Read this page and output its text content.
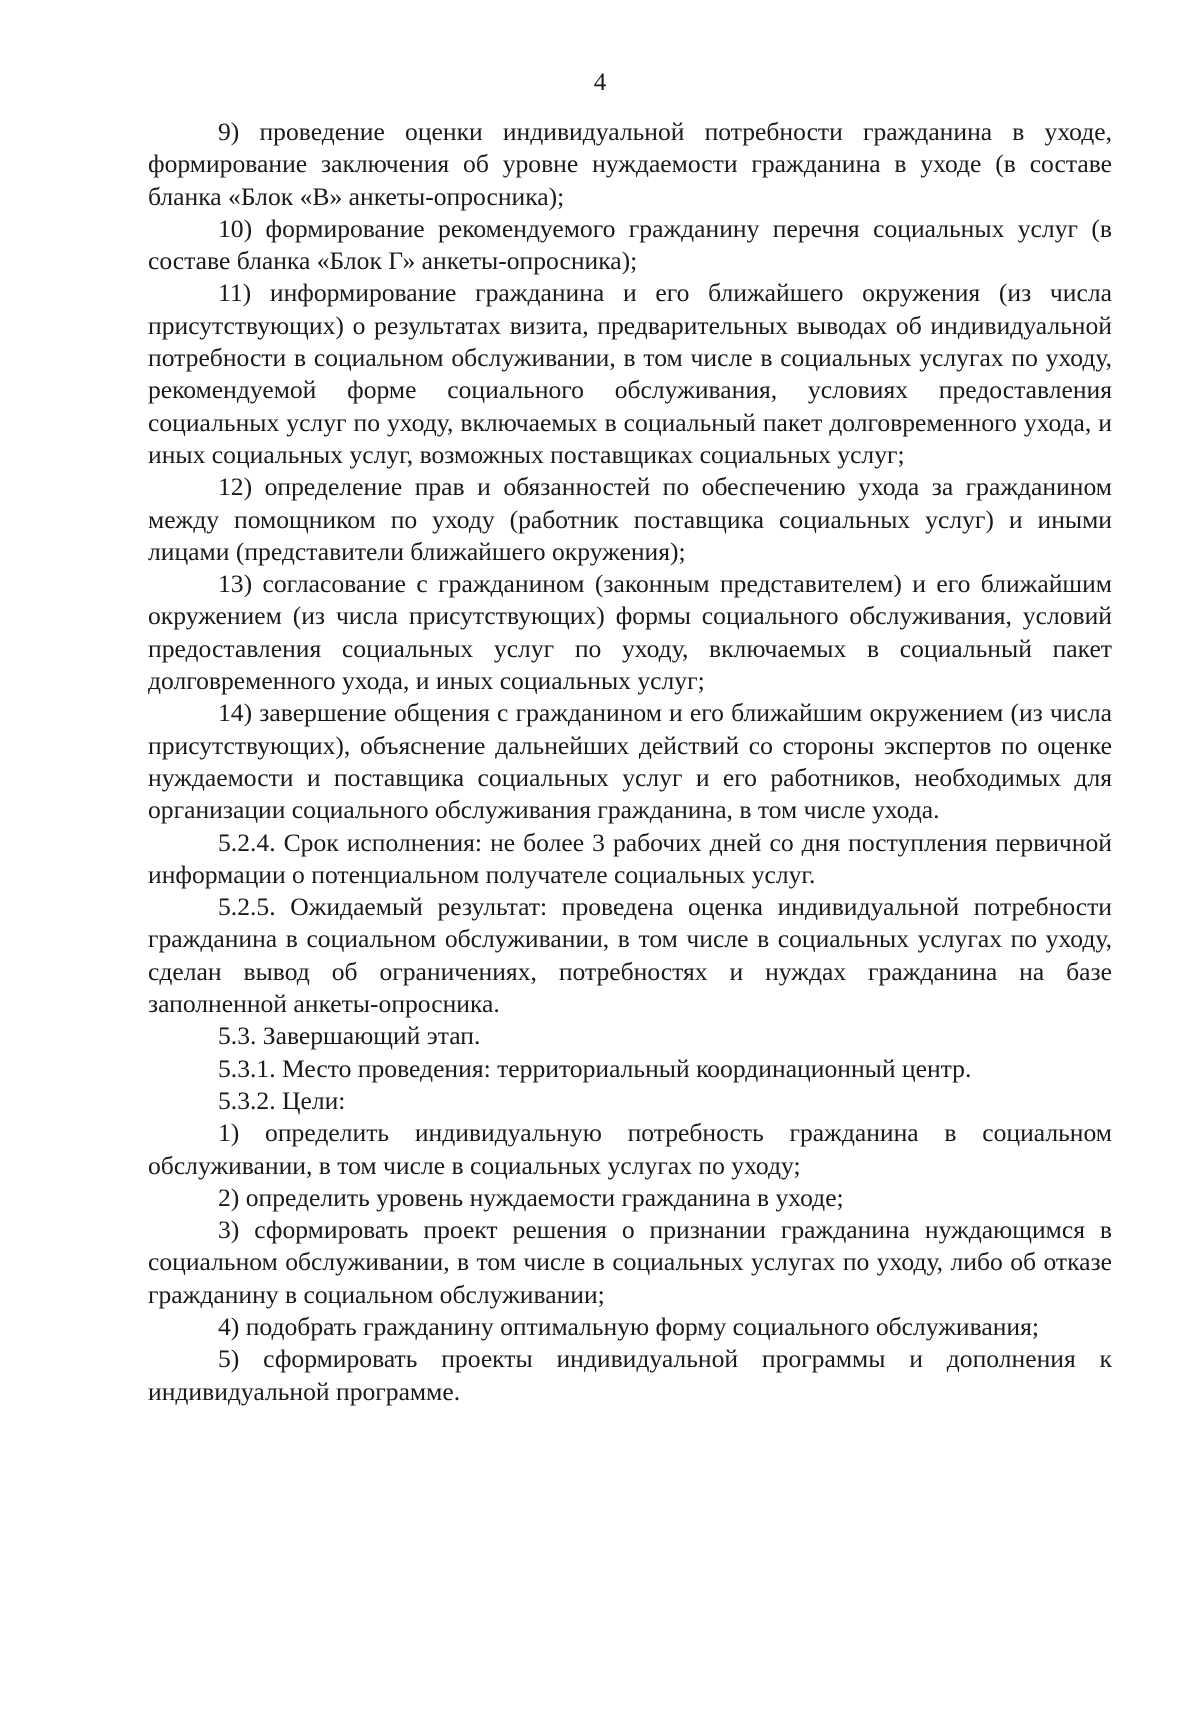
4

9) проведение оценки индивидуальной потребности гражданина в уходе, формирование заключения об уровне нуждаемости гражданина в уходе (в составе бланка «Блок «В» анкеты-опросника);

10) формирование рекомендуемого гражданину перечня социальных услуг (в составе бланка «Блок Г» анкеты-опросника);

11) информирование гражданина и его ближайшего окружения (из числа присутствующих) о результатах визита, предварительных выводах об индивидуальной потребности в социальном обслуживании, в том числе в социальных услугах по уходу, рекомендуемой форме социального обслуживания, условиях предоставления социальных услуг по уходу, включаемых в социальный пакет долговременного ухода, и иных социальных услуг, возможных поставщиках социальных услуг;

12) определение прав и обязанностей по обеспечению ухода за гражданином между помощником по уходу (работник поставщика социальных услуг) и иными лицами (представители ближайшего окружения);

13) согласование с гражданином (законным представителем) и его ближайшим окружением (из числа присутствующих) формы социального обслуживания, условий предоставления социальных услуг по уходу, включаемых в социальный пакет долговременного ухода, и иных социальных услуг;

14) завершение общения с гражданином и его ближайшим окружением (из числа присутствующих), объяснение дальнейших действий со стороны экспертов по оценке нуждаемости и поставщика социальных услуг и его работников, необходимых для организации социального обслуживания гражданина, в том числе ухода.

5.2.4. Срок исполнения: не более 3 рабочих дней со дня поступления первичной информации о потенциальном получателе социальных услуг.

5.2.5. Ожидаемый результат: проведена оценка индивидуальной потребности гражданина в социальном обслуживании, в том числе в социальных услугах по уходу, сделан вывод об ограничениях, потребностях и нуждах гражданина на базе заполненной анкеты-опросника.

5.3. Завершающий этап.

5.3.1. Место проведения: территориальный координационный центр.

5.3.2. Цели:

1) определить индивидуальную потребность гражданина в социальном обслуживании, в том числе в социальных услугах по уходу;

2) определить уровень нуждаемости гражданина в уходе;

3) сформировать проект решения о признании гражданина нуждающимся в социальном обслуживании, в том числе в социальных услугах по уходу, либо об отказе гражданину в социальном обслуживании;

4) подобрать гражданину оптимальную форму социального обслуживания;

5) сформировать проекты индивидуальной программы и дополнения к индивидуальной программе.
